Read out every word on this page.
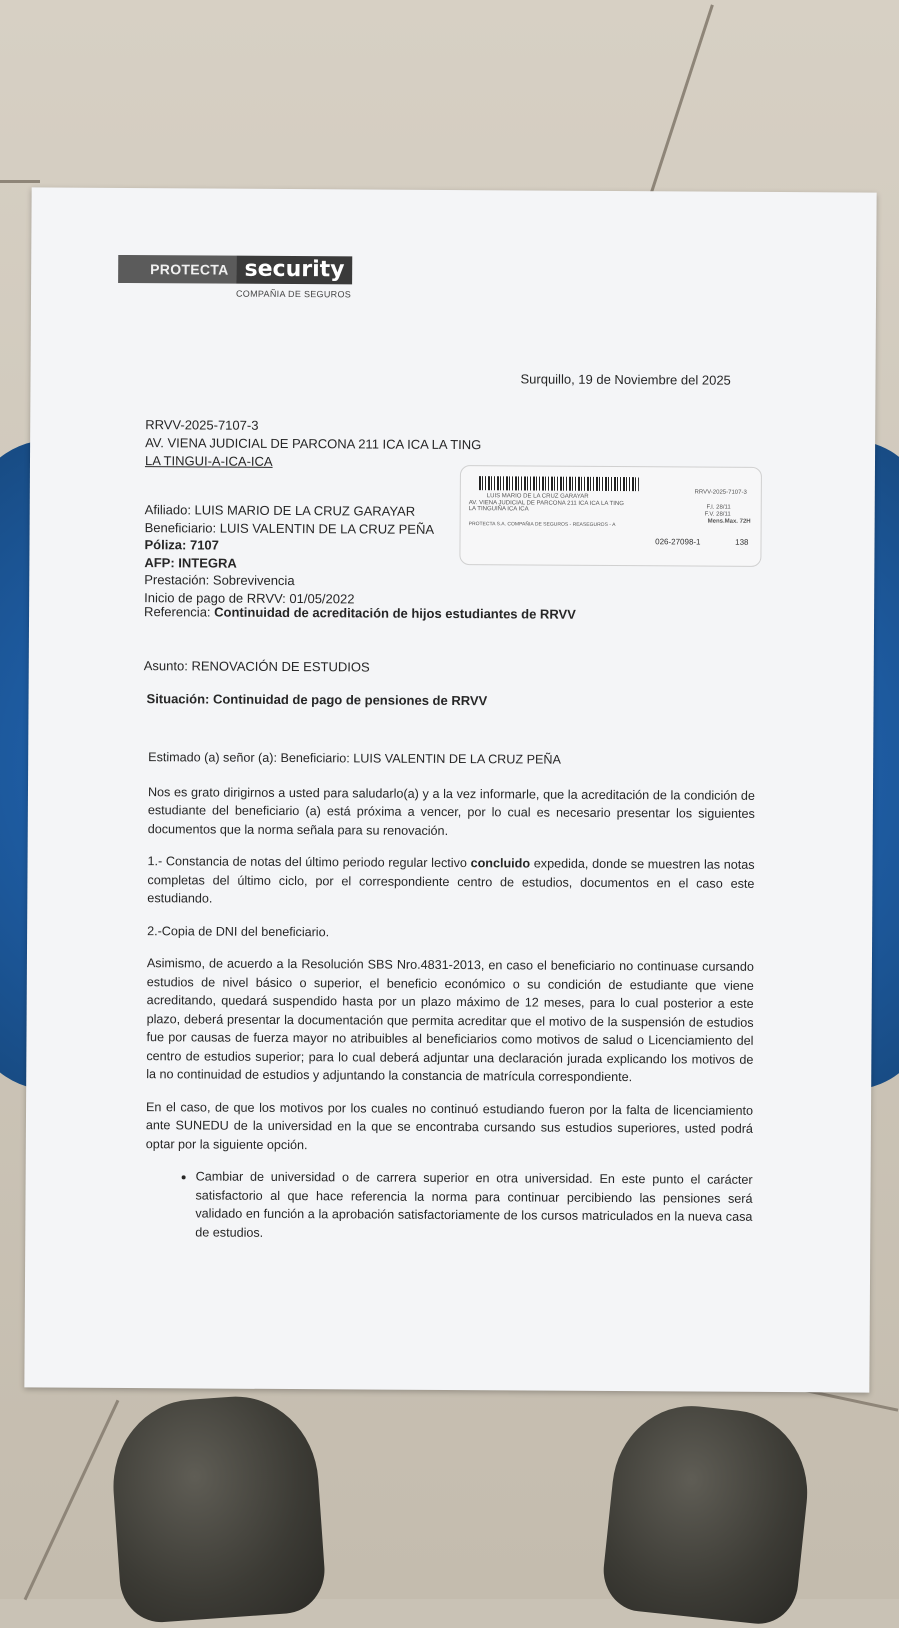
PROTECTA security
COMPAÑIA DE SEGUROS
Surquillo, 19 de Noviembre del 2025
RRVV-2025-7107-3
AV. VIENA JUDICIAL DE PARCONA 211 ICA ICA LA TING
LA TINGUI-A-ICA-ICA
RRVV-2025-7107-3
LUIS MARIO DE LA CRUZ GARAYAR
AV. VIENA JUDICIAL DE PARCONA 211 ICA ICA LA TING
LA TINGUIÑA ICA ICA	F.I. 28/11
F.V. 28/11
Mens.Max. 72H
PROTECTA S.A. COMPAÑIA DE SEGUROS - REASEGUROS - A
026-27098-1	138
Afiliado: LUIS MARIO DE LA CRUZ GARAYAR
Beneficiario: LUIS VALENTIN DE LA CRUZ PEÑA
Póliza: 7107
AFP: INTEGRA
Prestación: Sobrevivencia
Inicio de pago de RRVV: 01/05/2022
Referencia: Continuidad de acreditación de hijos estudiantes de RRVV
Asunto: RENOVACIÓN DE ESTUDIOS
Situación: Continuidad de pago de pensiones de RRVV

Estimado (a) señor (a): Beneficiario: LUIS VALENTIN DE LA CRUZ PEÑA

Nos es grato dirigirnos a usted para saludarlo(a) y a la vez informarle, que la acreditación de la condición de estudiante del beneficiario (a) está próxima a vencer, por lo cual es necesario presentar los siguientes documentos que la norma señala para su renovación.

1.- Constancia de notas del último periodo regular lectivo concluido expedida, donde se muestren las notas completas del último ciclo, por el correspondiente centro de estudios, documentos en el caso este estudiando.

2.-Copia de DNI del beneficiario.

Asimismo, de acuerdo a la Resolución SBS Nro.4831-2013, en caso el beneficiario no continuase cursando estudios de nivel básico o superior, el beneficio económico o su condición de estudiante que viene acreditando, quedará suspendido hasta por un plazo máximo de 12 meses, para lo cual posterior a este plazo, deberá presentar la documentación que permita acreditar que el motivo de la suspensión de estudios fue por causas de fuerza mayor no atribuibles al beneficiarios como motivos de salud o Licenciamiento del centro de estudios superior; para lo cual deberá adjuntar una declaración jurada explicando los motivos de la no continuidad de estudios y adjuntando la constancia de matrícula correspondiente.

En el caso, de que los motivos por los cuales no continuó estudiando fueron por la falta de licenciamiento ante SUNEDU de la universidad en la que se encontraba cursando sus estudios superiores, usted podrá optar por la siguiente opción.

• Cambiar de universidad o de carrera superior en otra universidad. En este punto el carácter satisfactorio al que hace referencia la norma para continuar percibiendo las pensiones será validado en función a la aprobación satisfactoriamente de los cursos matriculados en la nueva casa de estudios.
